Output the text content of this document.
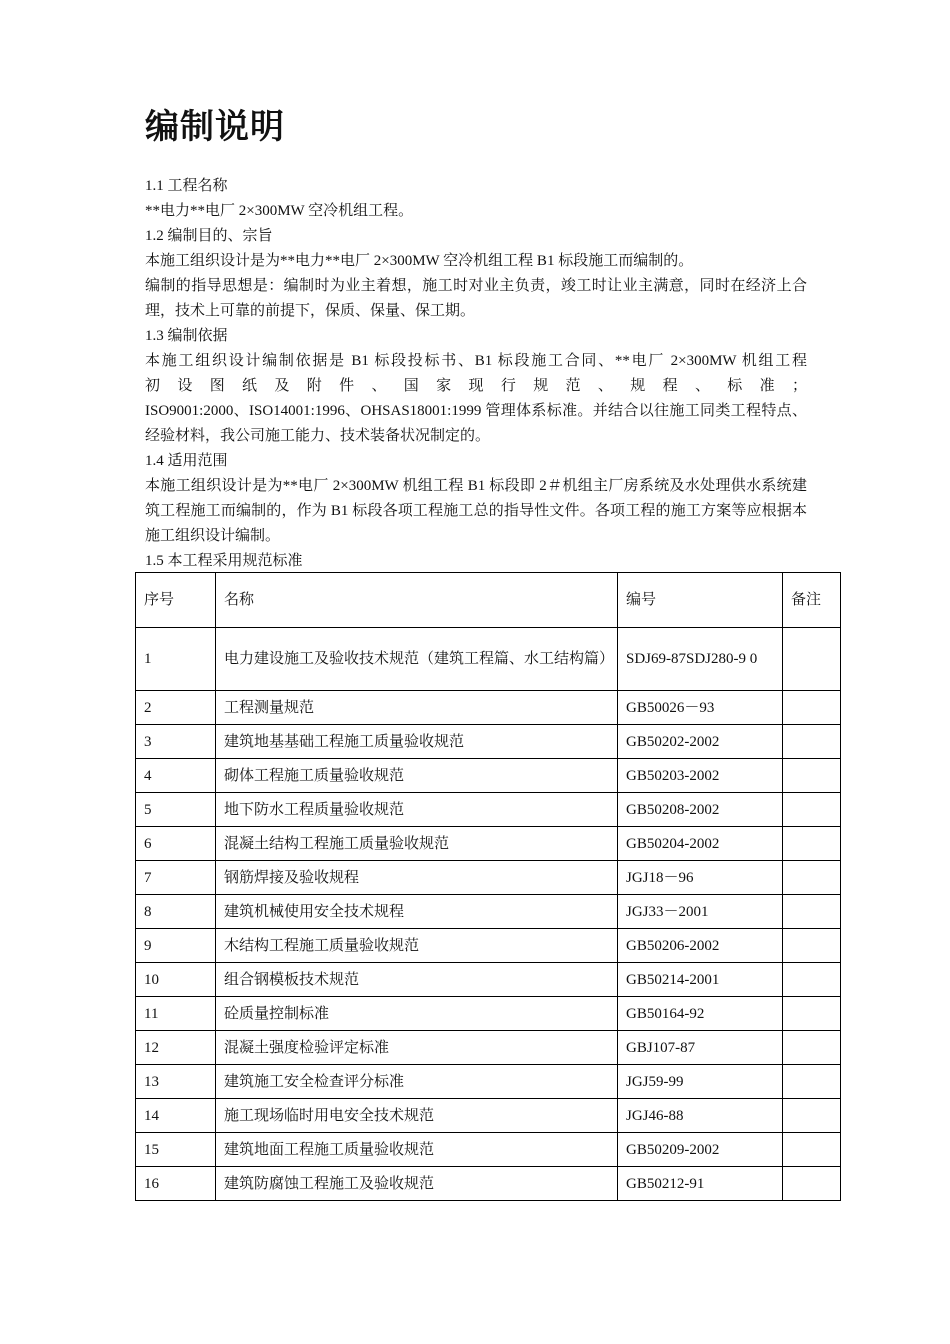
编制说明

1.1 工程名称

**电力**电厂 2×300MW 空冷机组工程。

1.2 编制目的、宗旨

本施工组织设计是为**电力**电厂 2×300MW 空冷机组工程 B1 标段施工而编制的。

编制的指导思想是：编制时为业主着想，施工时对业主负责，竣工时让业主满意，同时在经济上合理，技术上可靠的前提下，保质、保量、保工期。

1.3 编制依据

本施工组织设计编制依据是 B1 标段投标书、B1 标段施工合同、**电厂 2×300MW 机组工程

初 设 图 纸 及 附 件 、 国 家 现 行 规 范 、 规 程 、 标 准 ；

ISO9001:2000、ISO14001:1996、OHSAS18001:1999 管理体系标准。并结合以往施工同类工程特点、经验材料，我公司施工能力、技术装备状况制定的。

1.4 适用范围

本施工组织设计是为**电厂 2×300MW 机组工程 B1 标段即 2＃机组主厂房系统及水处理供水系统建筑工程施工而编制的，作为 B1 标段各项工程施工总的指导性文件。各项工程的施工方案等应根据本施工组织设计编制。

1.5 本工程采用规范标准

序号	名称	编号	备注
1	电力建设施工及验收技术规范（建筑工程篇、水工结构篇）	SDJ69-87SDJ280-9 0	
2	工程测量规范	GB50026－93	
3	建筑地基基础工程施工质量验收规范	GB50202-2002	
4	砌体工程施工质量验收规范	GB50203-2002	
5	地下防水工程质量验收规范	GB50208-2002	
6	混凝土结构工程施工质量验收规范	GB50204-2002	
7	钢筋焊接及验收规程	JGJ18－96	
8	建筑机械使用安全技术规程	JGJ33－2001	
9	木结构工程施工质量验收规范	GB50206-2002	
10	组合钢模板技术规范	GB50214-2001	
11	砼质量控制标准	GB50164-92	
12	混凝土强度检验评定标准	GBJ107-87	
13	建筑施工安全检查评分标准	JGJ59-99	
14	施工现场临时用电安全技术规范	JGJ46-88	
15	建筑地面工程施工质量验收规范	GB50209-2002	
16	建筑防腐蚀工程施工及验收规范	GB50212-91	
